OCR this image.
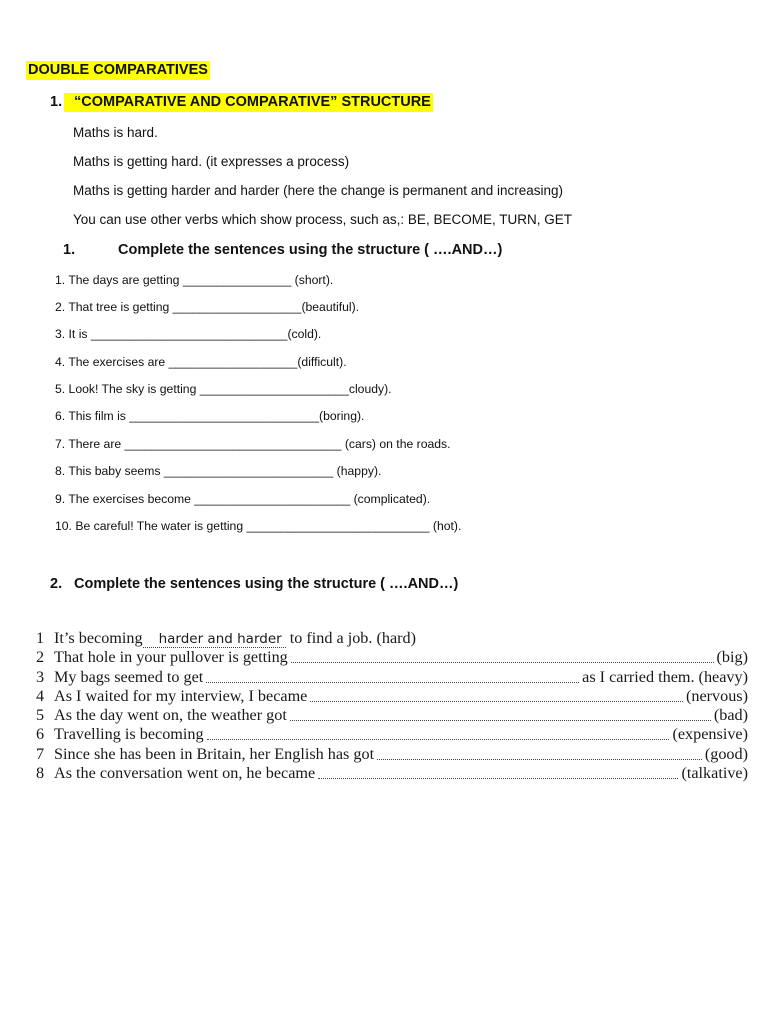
DOUBLE COMPARATIVES
1. “COMPARATIVE AND COMPARATIVE” STRUCTURE
Maths is hard.
Maths is getting hard. (it expresses a process)
Maths is getting harder and harder (here the change is permanent and increasing)
You can use other verbs which show process, such as,: BE, BECOME, TURN, GET
1.	Complete the sentences using the structure ( ….AND…)
1. The days are getting ________________ (short).
2. That tree is getting ___________________(beautiful).
3. It is _____________________________(cold).
4. The exercises are ___________________(difficult).
5. Look! The sky is getting ______________________cloudy).
6. This film is ____________________________(boring).
7. There are ________________________________ (cars) on the roads.
8. This baby seems _________________________ (happy).
9. The exercises become _______________________ (complicated).
10. Be careful! The water is getting ___________________________ (hot).
2. Complete the sentences using the structure ( ….AND…)
1 It’s becoming	harder and harder to find a job. (hard)
2 That hole in your pullover is getting	(big)
3 My bags seemed to get	as I carried them. (heavy)
4 As I waited for my interview, I became	(nervous)
5 As the day went on, the weather got	(bad)
6 Travelling is becoming	(expensive)
7 Since she has been in Britain, her English has got	(good)
8 As the conversation went on, he became	(talkative)
